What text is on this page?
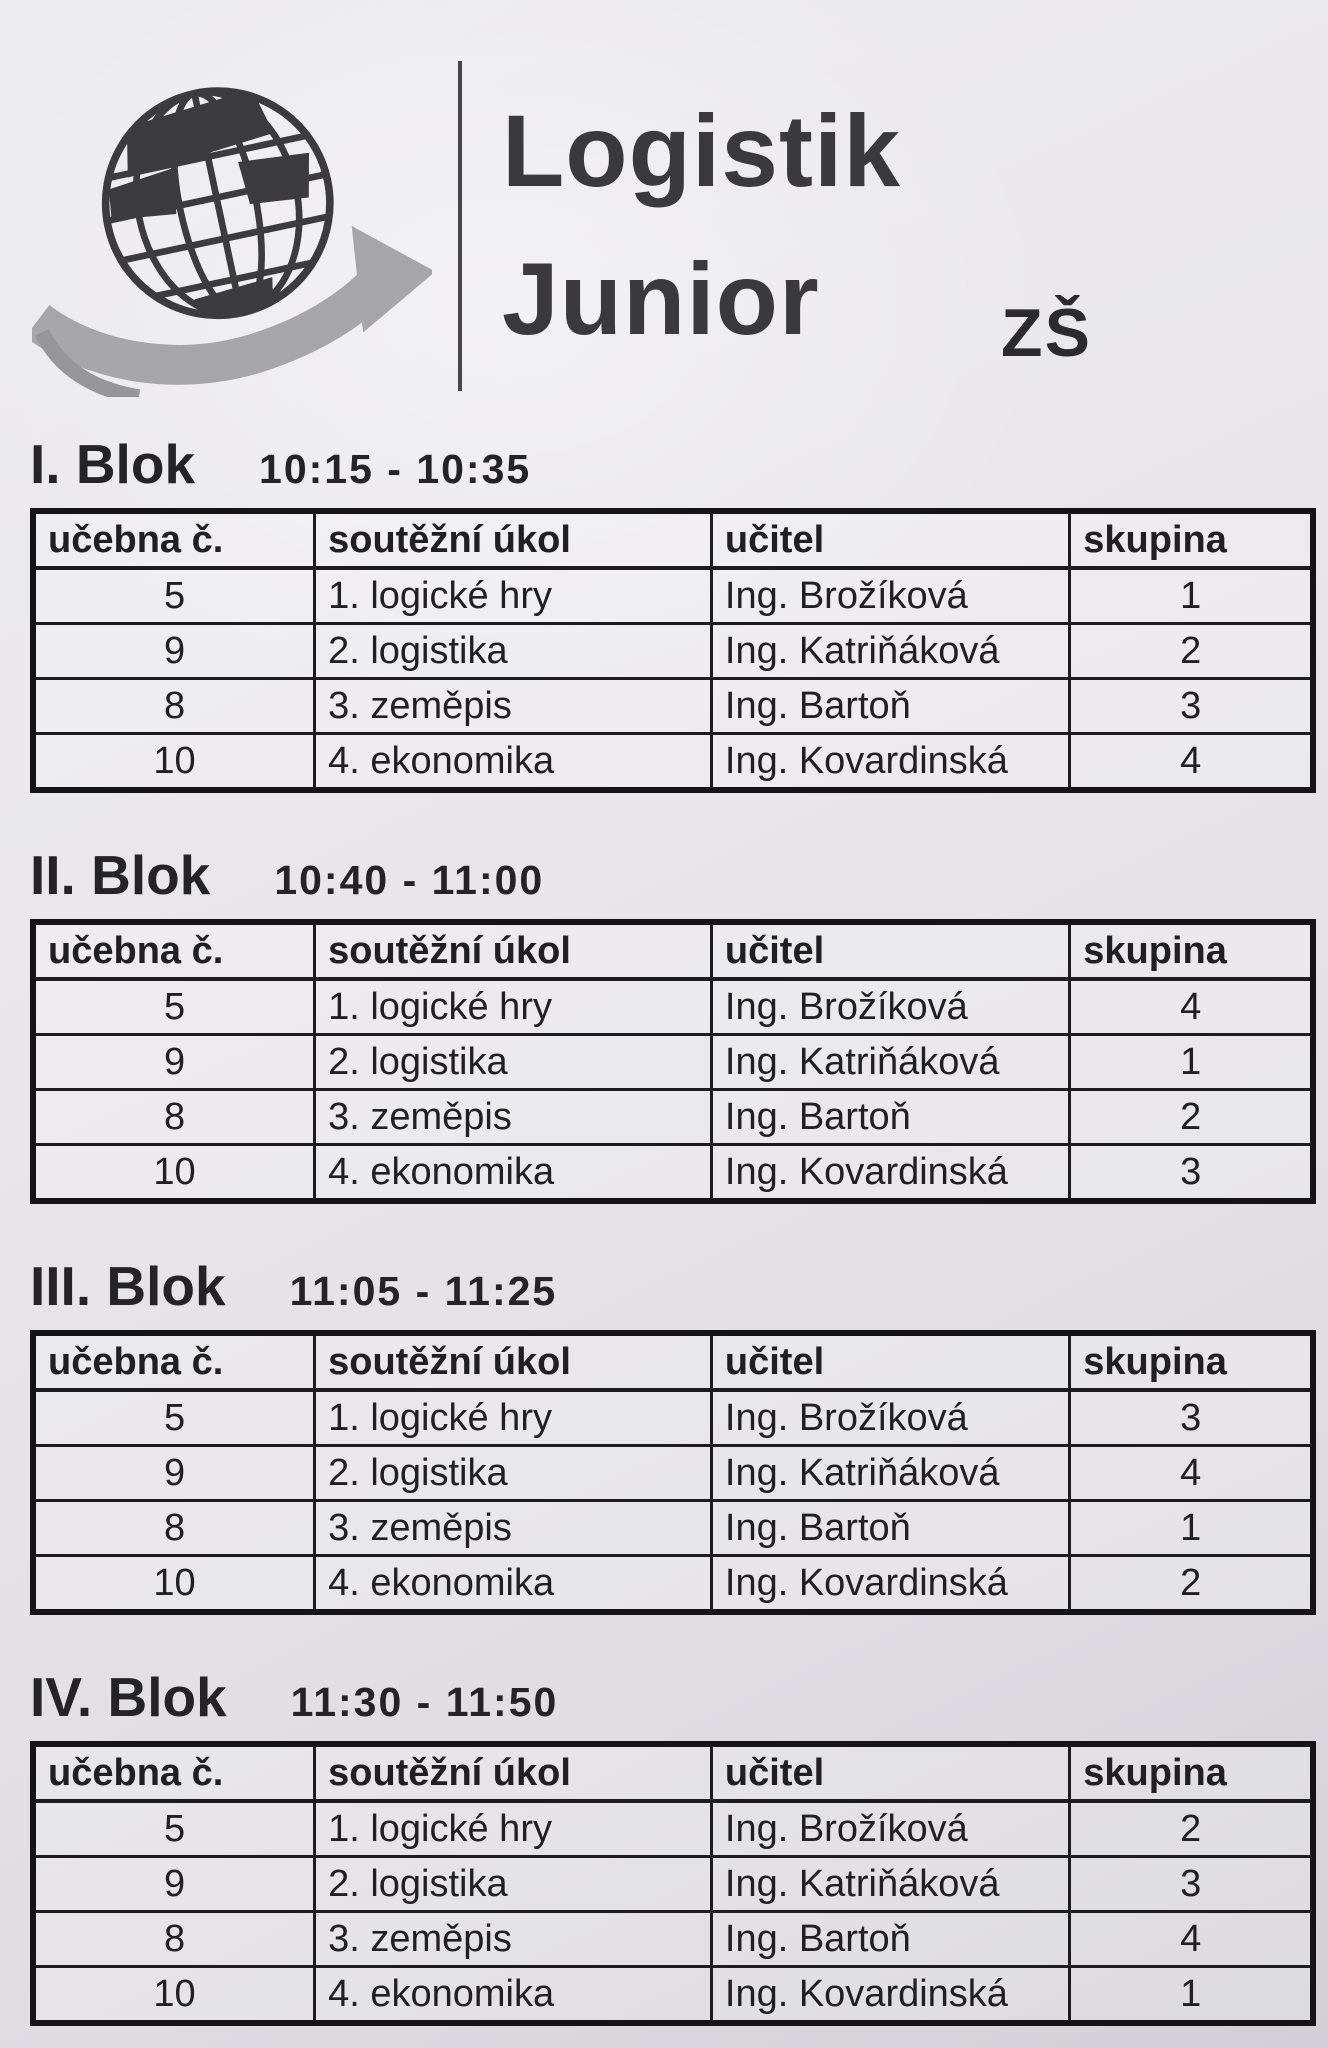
Logistik
Junior	ZŠ
I. Blok 10:15 - 10:35
učebna č.	soutěžní úkol	učitel	skupina
5	1. logické hry	Ing. Brožíková	1
9	2. logistika	Ing. Katriňáková	2
8	3. zeměpis	Ing. Bartoň	3
10	4. ekonomika	Ing. Kovardinská	4
II. Blok 10:40 - 11:00
učebna č.	soutěžní úkol	učitel	skupina
5	1. logické hry	Ing. Brožíková	4
9	2. logistika	Ing. Katriňáková	1
8	3. zeměpis	Ing. Bartoň	2
10	4. ekonomika	Ing. Kovardinská	3
III. Blok 11:05 - 11:25
učebna č.	soutěžní úkol	učitel	skupina
5	1. logické hry	Ing. Brožíková	3
9	2. logistika	Ing. Katriňáková	4
8	3. zeměpis	Ing. Bartoň	1
10	4. ekonomika	Ing. Kovardinská	2
IV. Blok 11:30 - 11:50
učebna č.	soutěžní úkol	učitel	skupina
5	1. logické hry	Ing. Brožíková	2
9	2. logistika	Ing. Katriňáková	3
8	3. zeměpis	Ing. Bartoň	4
10	4. ekonomika	Ing. Kovardinská	1
